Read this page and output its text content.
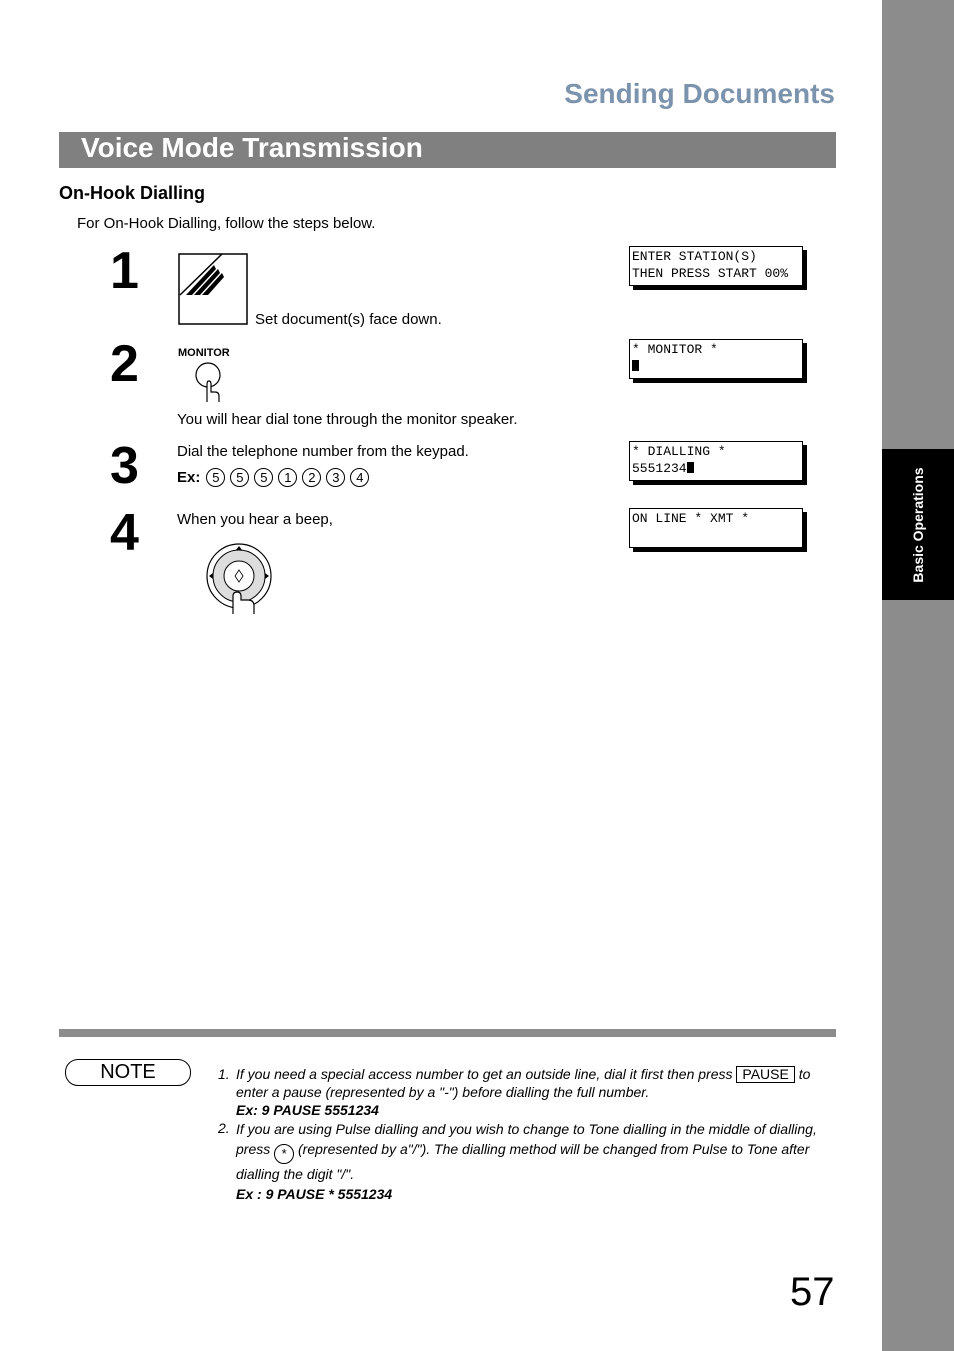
Basic Operations
Sending Documents
Voice Mode Transmission
On-Hook Dialling
For On-Hook Dialling, follow the steps below.
1
Set document(s) face down.
ENTER STATION(S)
THEN PRESS START 00%
2	MONITOR
You will hear dial tone through the monitor speaker.
* MONITOR *
3	Dial the telephone number from the keypad.
Ex: 5	5	5	1	2	3	4
* DIALLING *
5551234
4	When you hear a beep,	ON LINE * XMT *
NOTE	1. If you need a special access number to get an outside line, dial it first then press PAUSE to enter a pause (represented by a "-") before dialling the full number.
Ex: 9 PAUSE 5551234
2. If you are using Pulse dialling and you wish to change to Tone dialling in the middle of dialling, press * (represented by a"/"). The dialling method will be changed from Pulse to Tone after dialling the digit "/".
Ex : 9 PAUSE * 5551234
57
